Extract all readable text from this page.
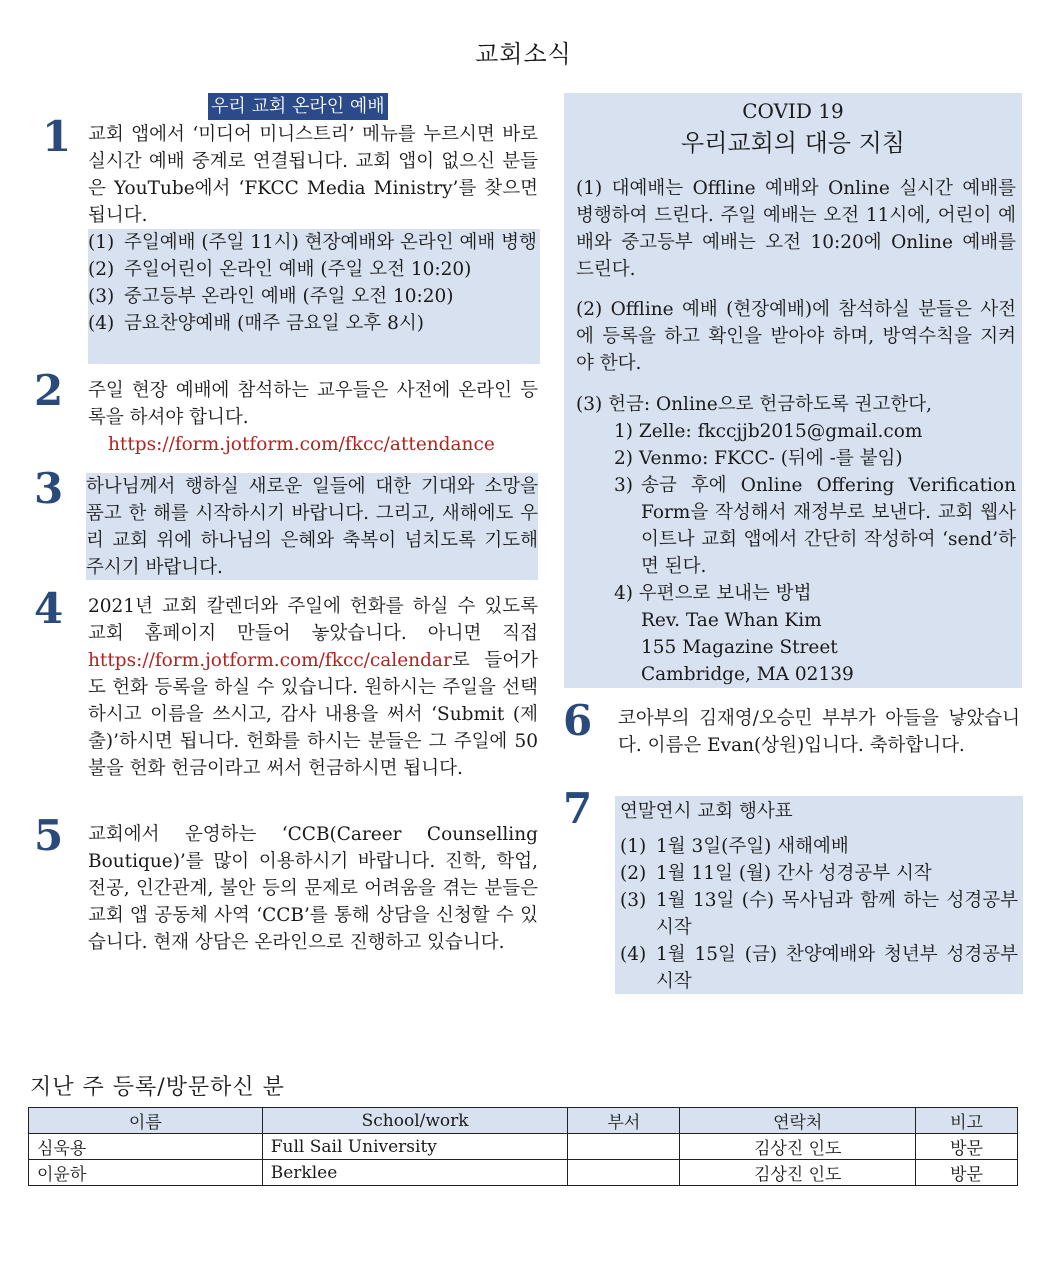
교회소식
1
우리 교회 온라인 예배
교회 앱에서 ‘미디어 미니스트리’ 메뉴를 누르시면 바로 실시간 예배 중계로 연결됩니다. 교회 앱이 없으신 분들은 YouTube에서 ‘FKCC Media Ministry’를 찾으면 됩니다.
(1) 주일예배 (주일 11시) 현장예배와 온라인 예배 병행
(2) 주일어린이 온라인 예배 (주일 오전 10:20)
(3) 중고등부 온라인 예배 (주일 오전 10:20)
(4) 금요찬양예배 (매주 금요일 오후 8시)
2 주일 현장 예배에 참석하는 교우들은 사전에 온라인 등록을 하셔야 합니다.
https://form.jotform.com/fkcc/attendance
3 하나님께서 행하실 새로운 일들에 대한 기대와 소망을 품고 한 해를 시작하시기 바랍니다. 그리고, 새해에도 우리 교회 위에 하나님의 은혜와 축복이 넘치도록 기도해 주시기 바랍니다.
4 2021년 교회 칼렌더와 주일에 헌화를 하실 수 있도록 교회 홈페이지 만들어 놓았습니다. 아니면 직접 https://form.jotform.com/fkcc/calendar로 들어가도 헌화 등록을 하실 수 있습니다. 원하시는 주일을 선택하시고 이름을 쓰시고, 감사 내용을 써서 ‘Submit (제출)’하시면 됩니다. 헌화를 하시는 분들은 그 주일에 50불을 헌화 헌금이라고 써서 헌금하시면 됩니다.
5 교회에서 운영하는 ‘CCB(Career Counselling Boutique)’를 많이 이용하시기 바랍니다. 진학, 학업, 전공, 인간관계, 불안 등의 문제로 어려움을 겪는 분들은 교회 앱 공동체 사역 ‘CCB’를 통해 상담을 신청할 수 있습니다. 현재 상담은 온라인으로 진행하고 있습니다.
COVID 19
우리교회의 대응 지침
(1) 대예배는 Offline 예배와 Online 실시간 예배를 병행하여 드린다. 주일 예배는 오전 11시에, 어린이 예배와 중고등부 예배는 오전 10:20에 Online 예배를 드린다.
(2) Offline 예배 (현장예배)에 참석하실 분들은 사전에 등록을 하고 확인을 받아야 하며, 방역수칙을 지켜야 한다.
(3) 헌금: Online으로 헌금하도록 권고한다,
1) Zelle: fkccjjb2015@gmail.com
2) Venmo: FKCC- (뒤에 -를 붙임)
3) 송금 후에 Online Offering Verification Form을 작성해서 재정부로 보낸다. 교회 웹사이트나 교회 앱에서 간단히 작성하여 ‘send’하면 된다.
4) 우편으로 보내는 방법
Rev. Tae Whan Kim
155 Magazine Street
Cambridge, MA 02139
6 코아부의 김재영/오승민 부부가 아들을 낳았습니다. 이름은 Evan(상원)입니다. 축하합니다.
7 연말연시 교회 행사표
(1) 1월 3일(주일) 새해예배
(2) 1월 11일 (월) 간사 성경공부 시작
(3) 1월 13일 (수) 목사님과 함께 하는 성경공부 시작
(4) 1월 15일 (금) 찬양예배와 청년부 성경공부 시작
지난 주 등록/방문하신 분
이름	School/work	부서	연락처	비고
심욱용	Full Sail University		김상진 인도	방문
이윤하	Berklee		김상진 인도	방문
